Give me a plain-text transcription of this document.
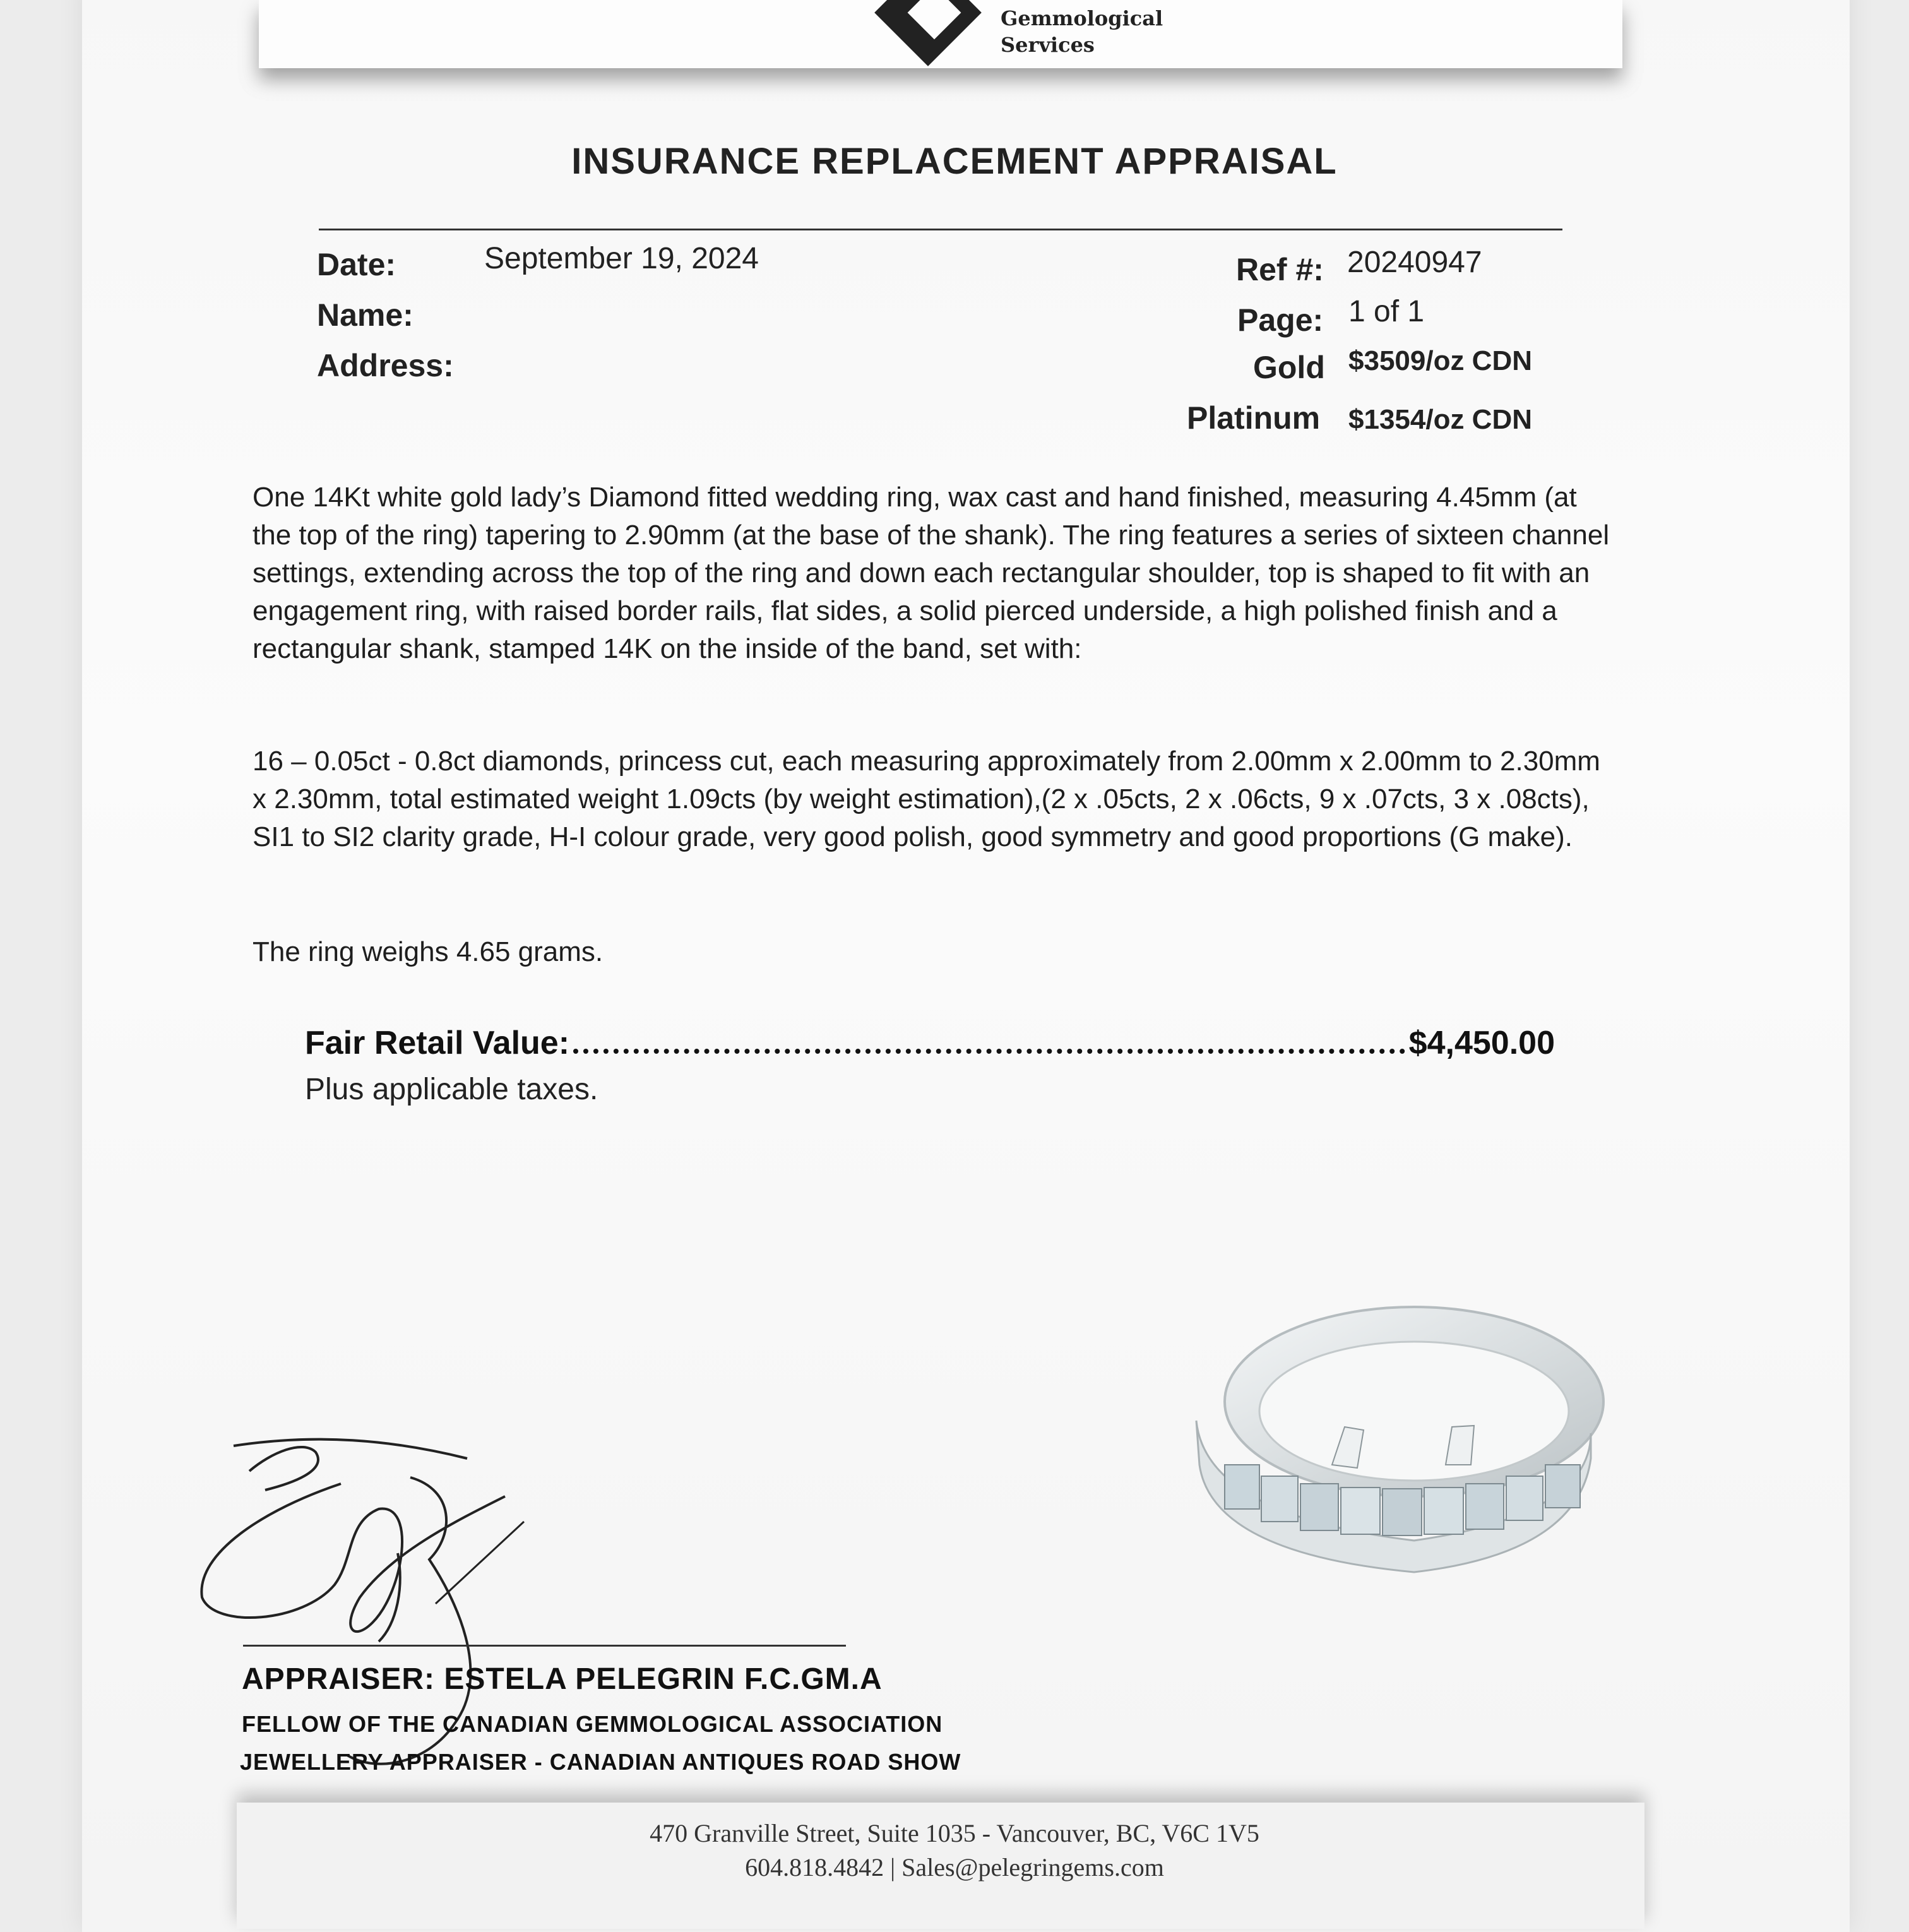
Gemmological
Services
INSURANCE REPLACEMENT APPRAISAL
Date:	September 19, 2024
Name:
Address:
Ref #: 20240947
Page: 1 of 1
Gold $3509/oz CDN
Platinum $1354/oz CDN

One 14Kt white gold lady’s Diamond fitted wedding ring, wax cast and hand finished, measuring 4.45mm (at the top of the ring) tapering to 2.90mm (at the base of the shank). The ring features a series of sixteen channel settings, extending across the top of the ring and down each rectangular shoulder, top is shaped to fit with an engagement ring, with raised border rails, flat sides, a solid pierced underside, a high polished finish and a rectangular shank, stamped 14K on the inside of the band, set with:

16 – 0.05ct - 0.8ct diamonds, princess cut, each measuring approximately from 2.00mm x 2.00mm to 2.30mm x 2.30mm, total estimated weight 1.09cts (by weight estimation),(2 x .05cts, 2 x .06cts, 9 x .07cts, 3 x .08cts), SI1 to SI2 clarity grade, H-I colour grade, very good polish, good symmetry and good proportions (G make).

The ring weighs 4.65 grams.

Fair Retail Value:	$4,450.00
Plus applicable taxes.
APPRAISER: ESTELA PELEGRIN F.C.GM.A
FELLOW OF THE CANADIAN GEMMOLOGICAL ASSOCIATION
JEWELLERY APPRAISER - CANADIAN ANTIQUES ROAD SHOW
470 Granville Street, Suite 1035 - Vancouver, BC, V6C 1V5
604.818.4842 | Sales@pelegringems.com
